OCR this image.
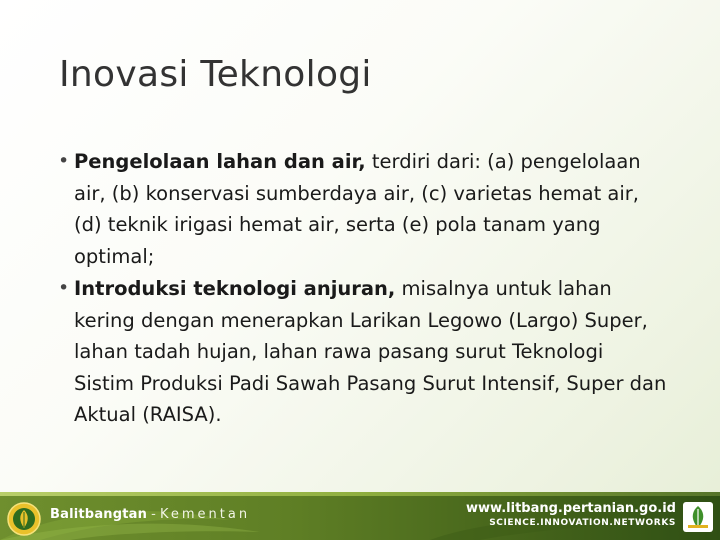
Inovasi Teknologi
• Pengelolaan lahan dan air, terdiri dari: (a) pengelolaan air, (b) konservasi sumberdaya air, (c) varietas hemat air, (d) teknik irigasi hemat air, serta (e) pola tanam yang optimal;
• Introduksi teknologi anjuran, misalnya untuk lahan kering dengan menerapkan Larikan Legowo (Largo) Super, lahan tadah hujan, lahan rawa pasang surut Teknologi Sistim Produksi Padi Sawah Pasang Surut Intensif, Super dan Aktual (RAISA).
Balitbangtan - Kementan	www.litbang.pertanian.go.id
SCIENCE.INNOVATION.NETWORKS
